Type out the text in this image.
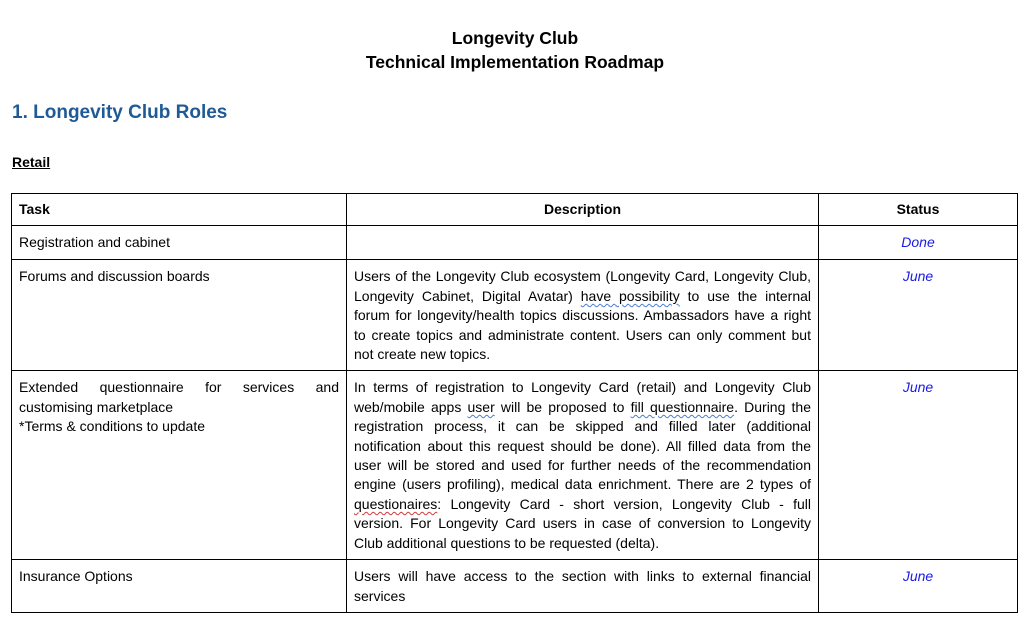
Longevity Club
Technical Implementation Roadmap
1. Longevity Club Roles
Retail
Task	Description	Status
Registration and cabinet		Done
Forums and discussion boards	Users of the Longevity Club ecosystem (Longevity Card, Longevity Club, Longevity Cabinet, Digital Avatar) have possibility to use the internal forum for longevity/health topics discussions. Ambassadors have a right to create topics and administrate content. Users can only comment but not create new topics.	June

Extended questionnaire for services and customising marketplace
*Terms & conditions to update	In terms of registration to Longevity Card (retail) and Longevity Club web/mobile apps user will be proposed to fill questionnaire. During the registration process, it can be skipped and filled later (additional notification about this request should be done). All filled data from the user will be stored and used for further needs of the recommendation engine (users profiling), medical data enrichment. There are 2 types of questionaires: Longevity Card - short version, Longevity Club - full version. For Longevity Card users in case of conversion to Longevity Club additional questions to be requested (delta).	June
Insurance Options	Users will have access to the section with links to external financial services	June
